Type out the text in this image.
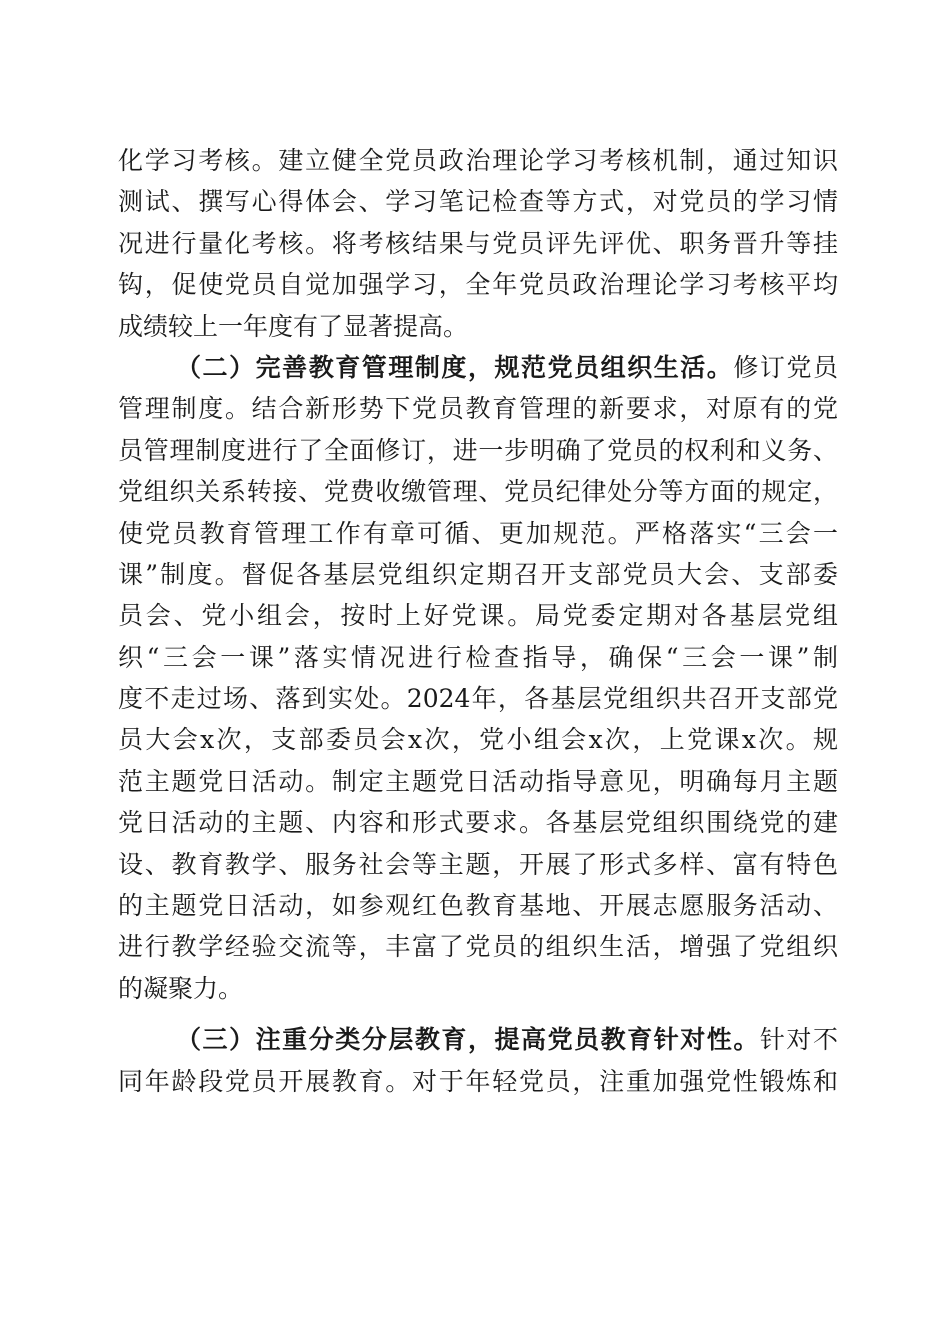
化学习考核。建立健全党员政治理论学习考核机制，通过知识
测试、撰写心得体会、学习笔记检查等方式，对党员的学习情
况进行量化考核。将考核结果与党员评先评优、职务晋升等挂
钩，促使党员自觉加强学习，全年党员政治理论学习考核平均
成绩较上一年度有了显著提高。
（二）完善教育管理制度，规范党员组织生活。修订党员
管理制度。结合新形势下党员教育管理的新要求，对原有的党
员管理制度进行了全面修订，进一步明确了党员的权利和义务、
党组织关系转接、党费收缴管理、党员纪律处分等方面的规定，
使党员教育管理工作有章可循、更加规范。严格落实“三会一
课”制度。督促各基层党组织定期召开支部党员大会、支部委
员会、党小组会，按时上好党课。局党委定期对各基层党组
织“三会一课”落实情况进行检查指导，确保“三会一课”制
度不走过场、落到实处。2024年，各基层党组织共召开支部党
员大会x次，支部委员会x次，党小组会x次，上党课x次。规
范主题党日活动。制定主题党日活动指导意见，明确每月主题
党日活动的主题、内容和形式要求。各基层党组织围绕党的建
设、教育教学、服务社会等主题，开展了形式多样、富有特色
的主题党日活动，如参观红色教育基地、开展志愿服务活动、
进行教学经验交流等，丰富了党员的组织生活，增强了党组织
的凝聚力。
（三）注重分类分层教育，提高党员教育针对性。针对不
同年龄段党员开展教育。对于年轻党员，注重加强党性锻炼和
